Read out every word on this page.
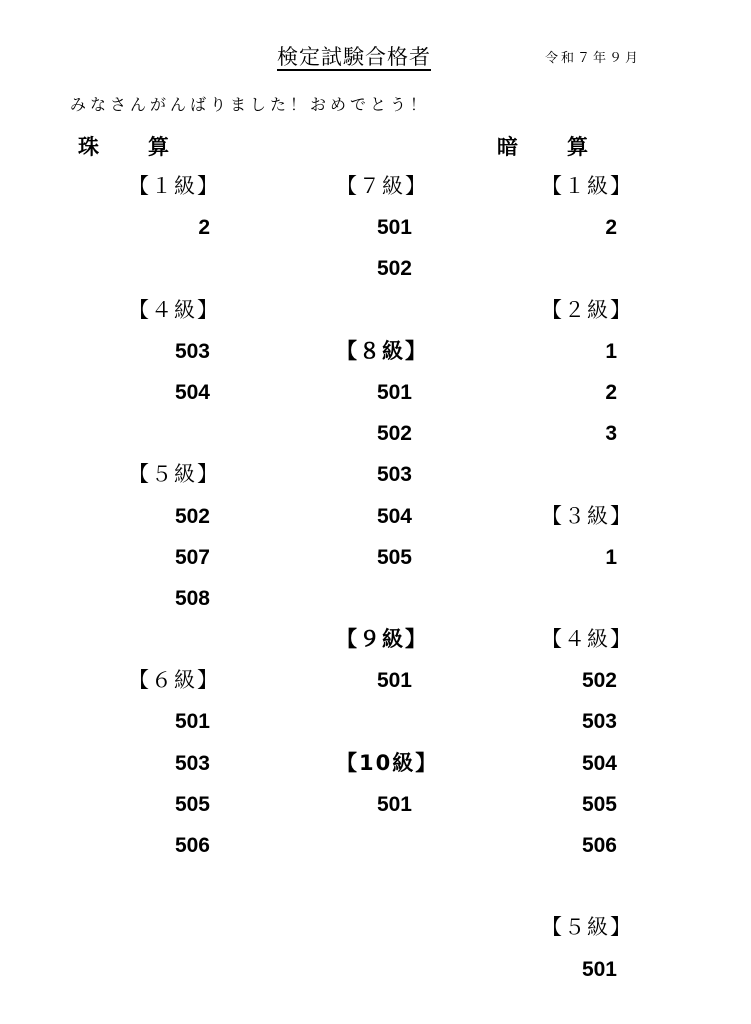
検定試験合格者	令和７年９月
みなさんがんばりました！おめでとう！
珠　算	暗　算
【１級】
2
【４級】
503
504
【５級】
502
507
508
【６級】
501
503
505
506
【７級】
501
502
【８級】
501
502
503
504
505
【９級】
501
【10級】
501
【１級】
2
【２級】
1
2
3
【３級】
1
【４級】
502
503
504
505
506
【５級】
501
